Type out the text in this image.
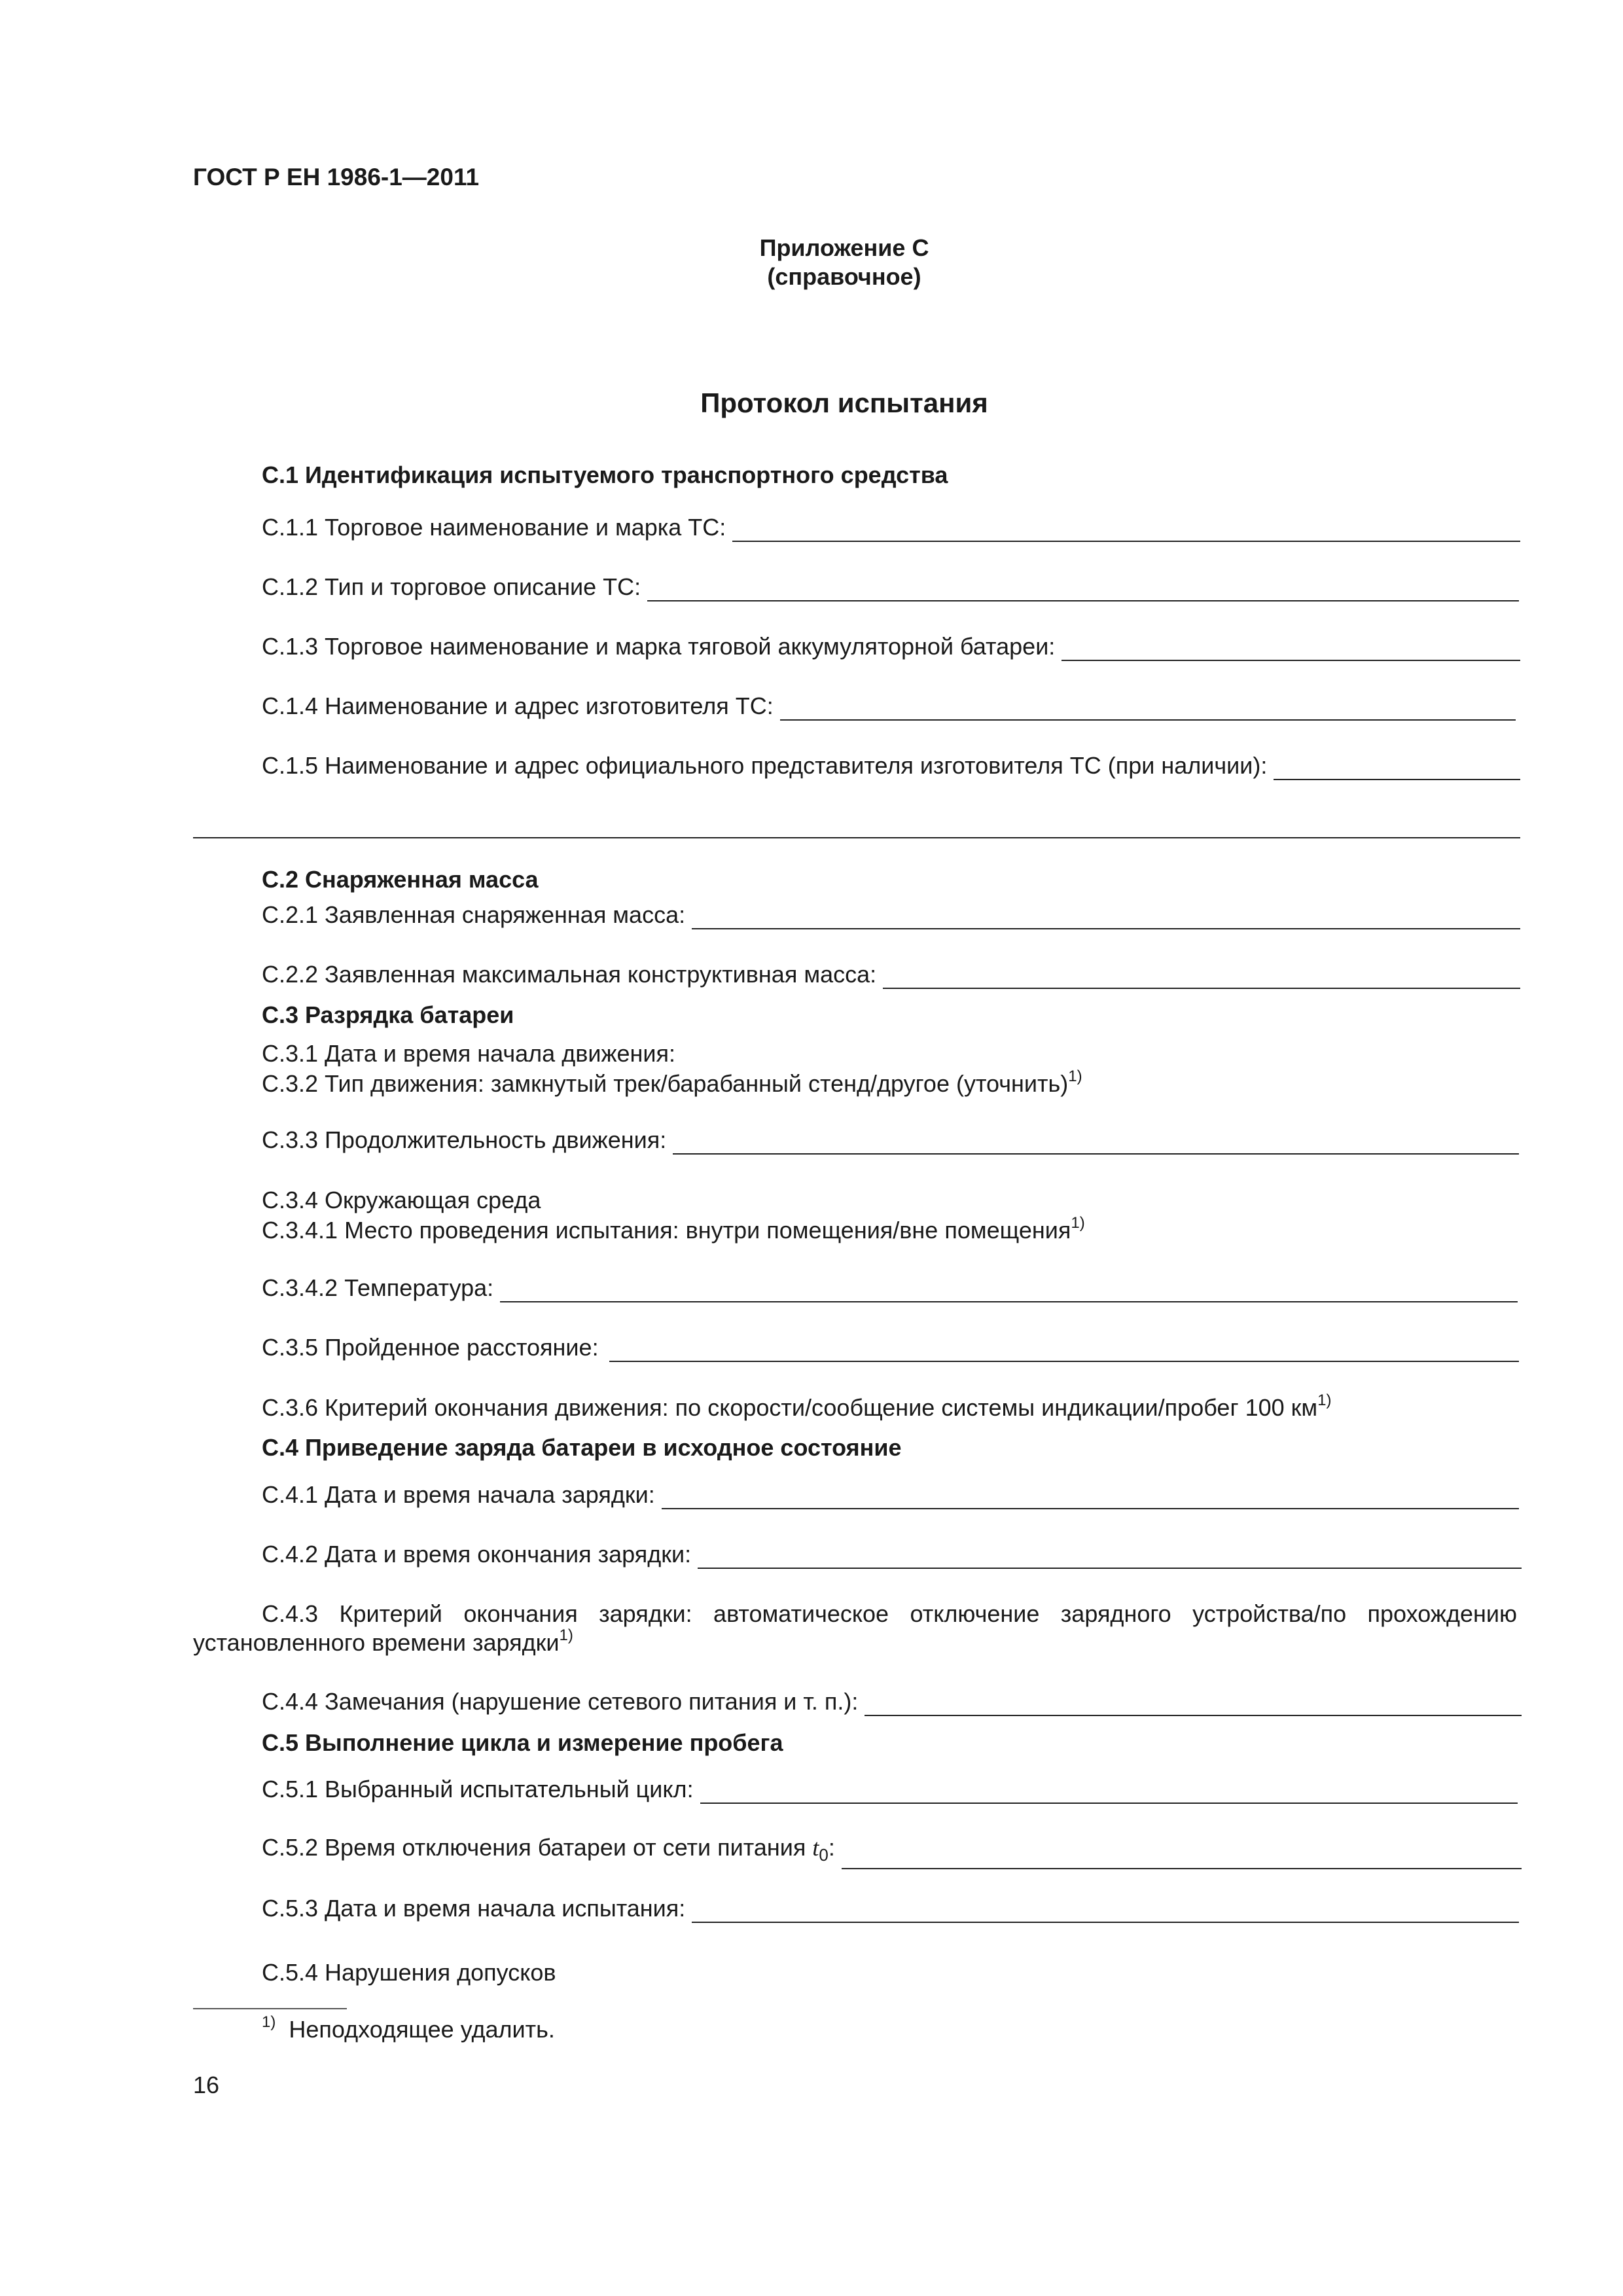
ГОСТ Р ЕН 1986-1—2011
Приложение С
(справочное)
Протокол испытания
С.1 Идентификация испытуемого транспортного средства
С.1.1 Торговое наименование и марка ТС:
С.1.2 Тип и торговое описание ТС:
С.1.3 Торговое наименование и марка тяговой аккумуляторной батареи:
С.1.4 Наименование и адрес изготовителя ТС:
С.1.5 Наименование и адрес официального представителя изготовителя ТС (при наличии):
С.2 Снаряженная масса
С.2.1 Заявленная снаряженная масса:
С.2.2 Заявленная максимальная конструктивная масса:
С.3 Разрядка батареи
С.3.1 Дата и время начала движения:
С.3.2 Тип движения: замкнутый трек/барабанный стенд/другое (уточнить)$^{1)}$
С.3.3 Продолжительность движения:
С.3.4 Окружающая среда
С.3.4.1 Место проведения испытания: внутри помещения/вне помещения$^{1)}$
С.3.4.2 Температура:
С.3.5 Пройденное расстояние:
С.3.6 Критерий окончания движения: по скорости/сообщение системы индикации/пробег 100 $км^{1)}$
С.4 Приведение заряда батареи в исходное состояние
С.4.1 Дата и время начала зарядки:
С.4.2 Дата и время окончания зарядки:
С.4.3 Критерий окончания зарядки: автоматическое отключение зарядного устройства/по прохождению
установленного времени зарядки$^{1)}$
С.4.4 Замечания (нарушение сетевого питания и т. п.):
С.5 Выполнение цикла и измерение пробега
С.5.1 Выбранный испытательный цикл:
С.5.2 Время отключения батареи от сети питания $t_0$:
С.5.3 Дата и время начала испытания:
С.5.4 Нарушения допусков
$^{1)}$ Неподходящее удалить.
16
